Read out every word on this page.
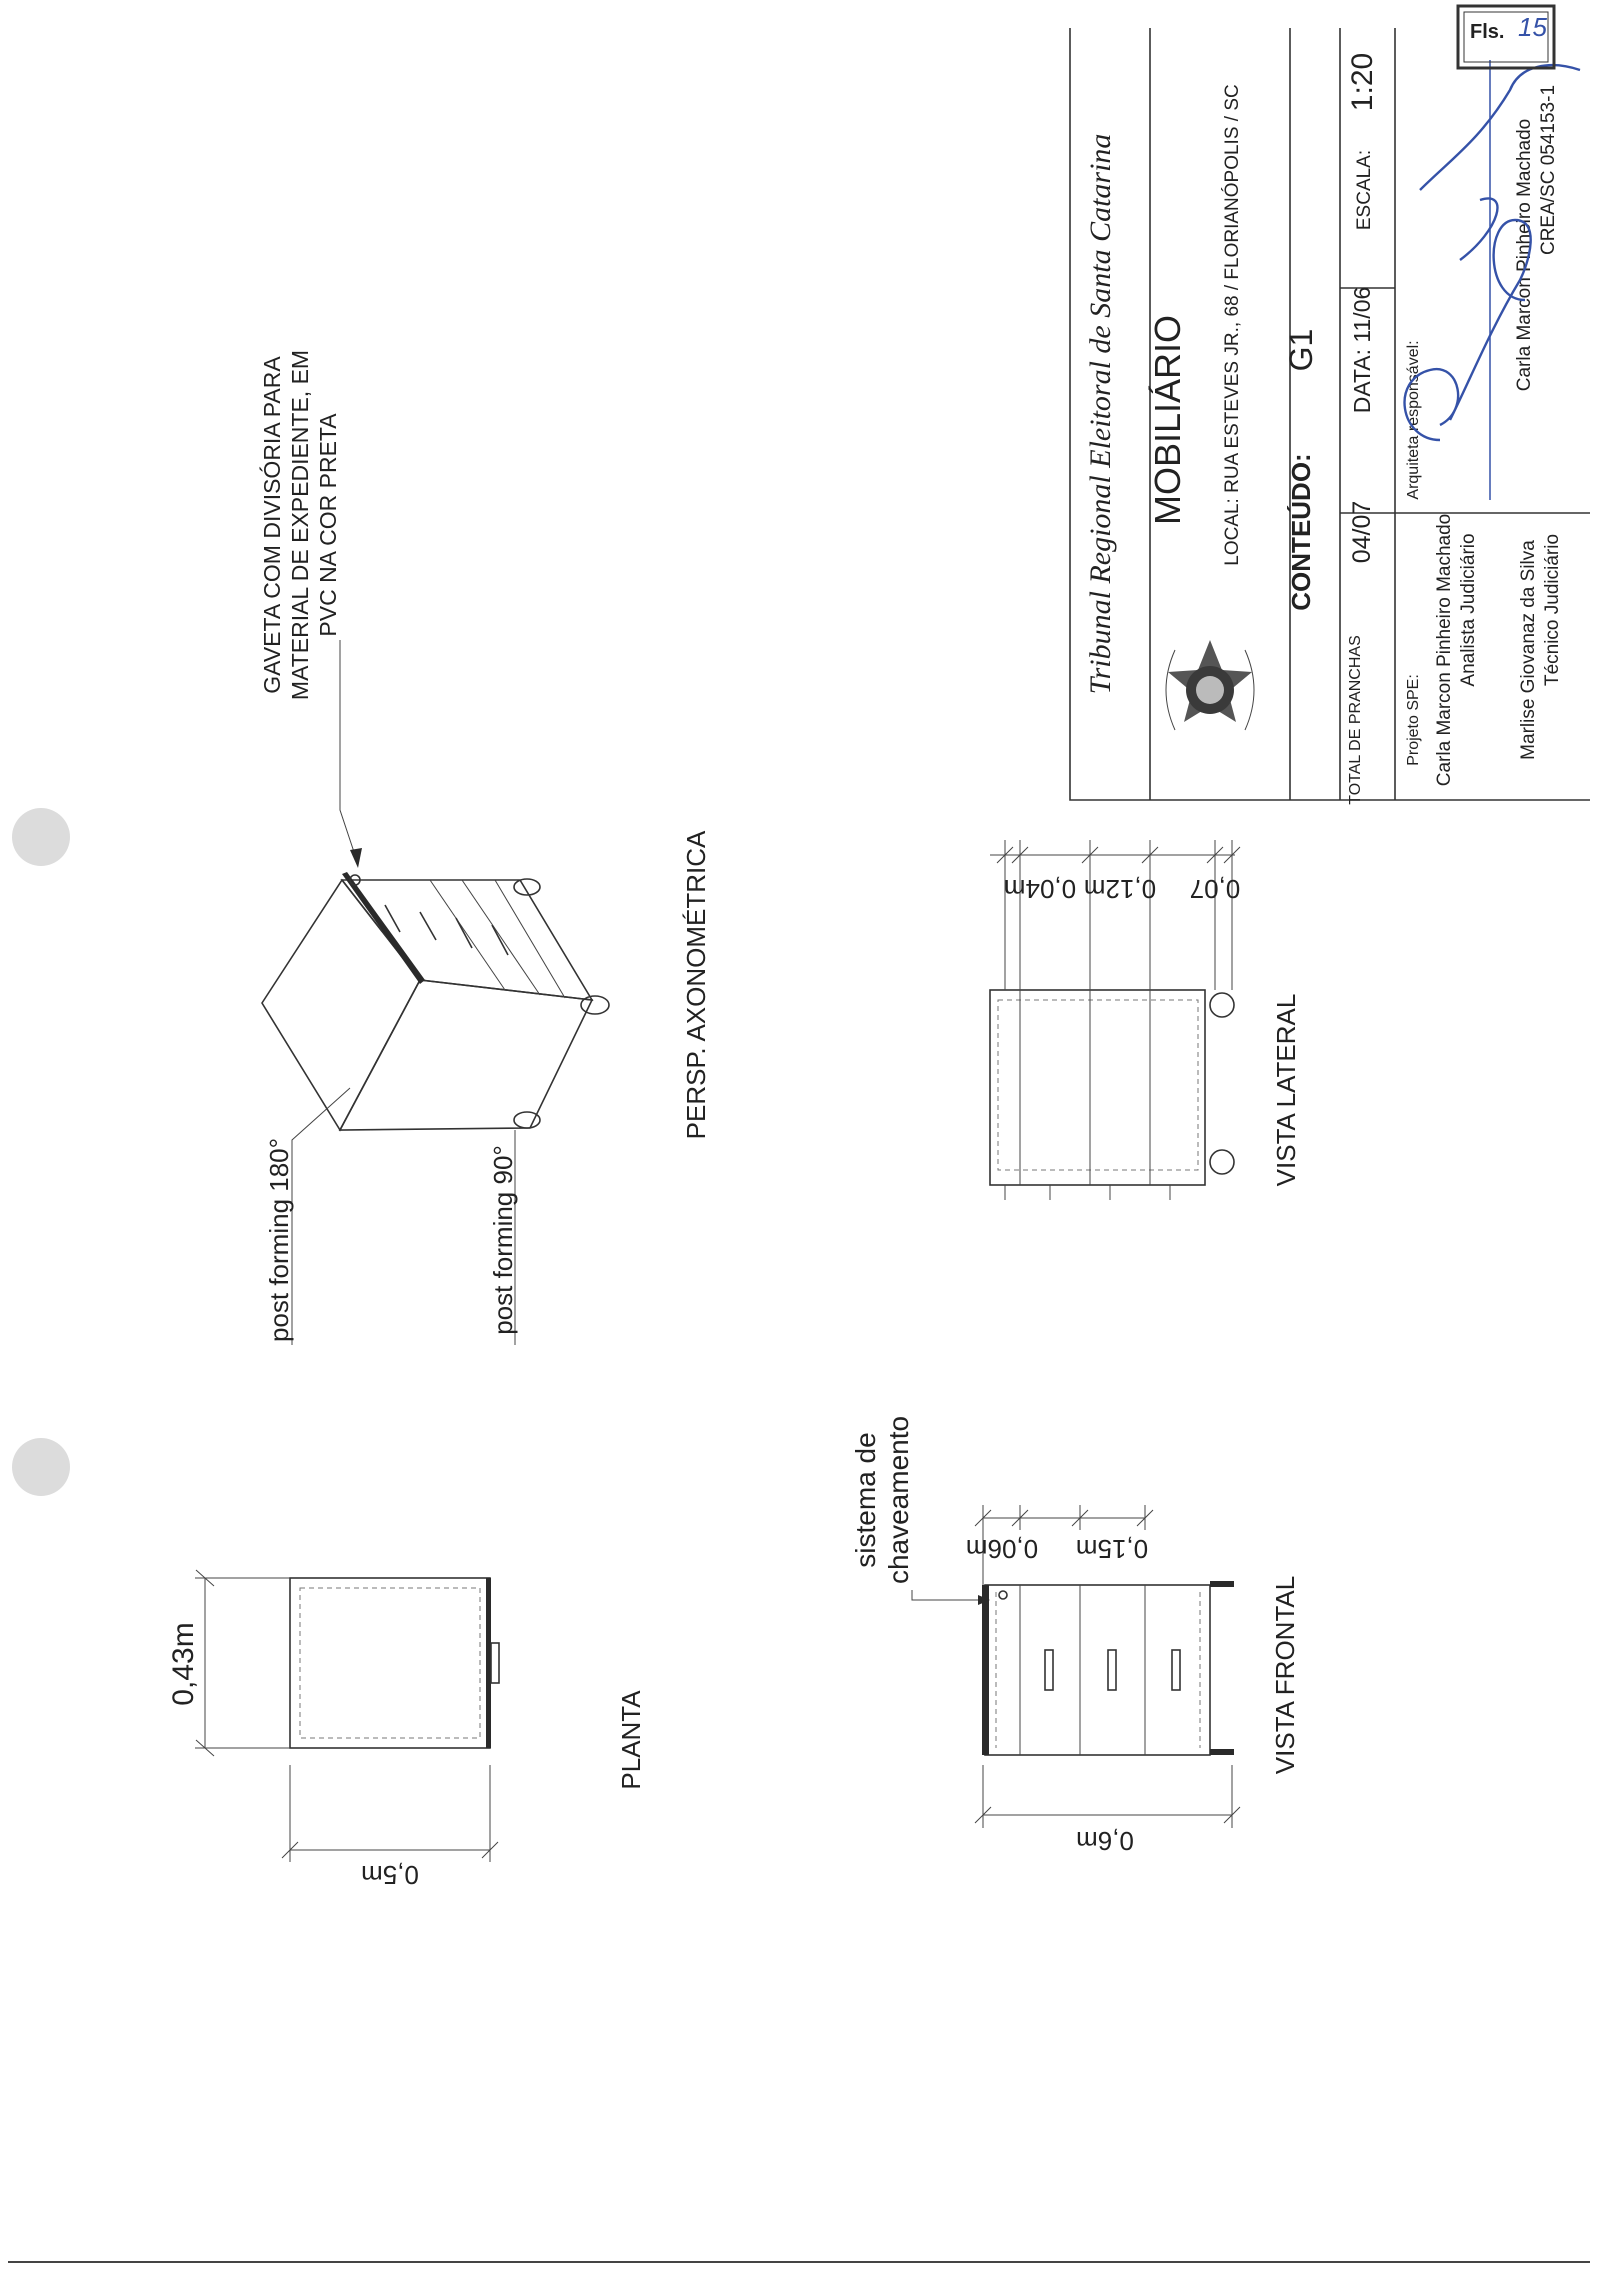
0,43m
0,5m
PLANTA
sistema de chaveamento 0,06m 0,15m
0,6m
VISTA FRONTAL
post forming 180°	post forming 90°
GAVETA COM DIVISÓRIA PARA MATERIAL DE EXPEDIENTE, EM PVC NA COR PRETA
PERSP. AXONOMÉTRICA	0,04m 0,12m 0,07
VISTA LATERAL
Tribunal Regional Eleitoral de Santa Catarina MOBILIÁRIO LOCAL: RUA ESTEVES JR., 68 / FLORIANÓPOLIS / SC CONTEÚDO:
G1
TOTAL DE PRANCHAS
04/07
DATA: 11/06
ESCALA:
1:20
Projeto SPE: Carla Marcon Pinheiro Machado Analista Judiciário Marlise Giovanaz da Silva Técnico Judiciário
Arquiteta responsável:
Carla Marcon Pinheiro Machado CREA/SC 054153-1
Fls. 15
